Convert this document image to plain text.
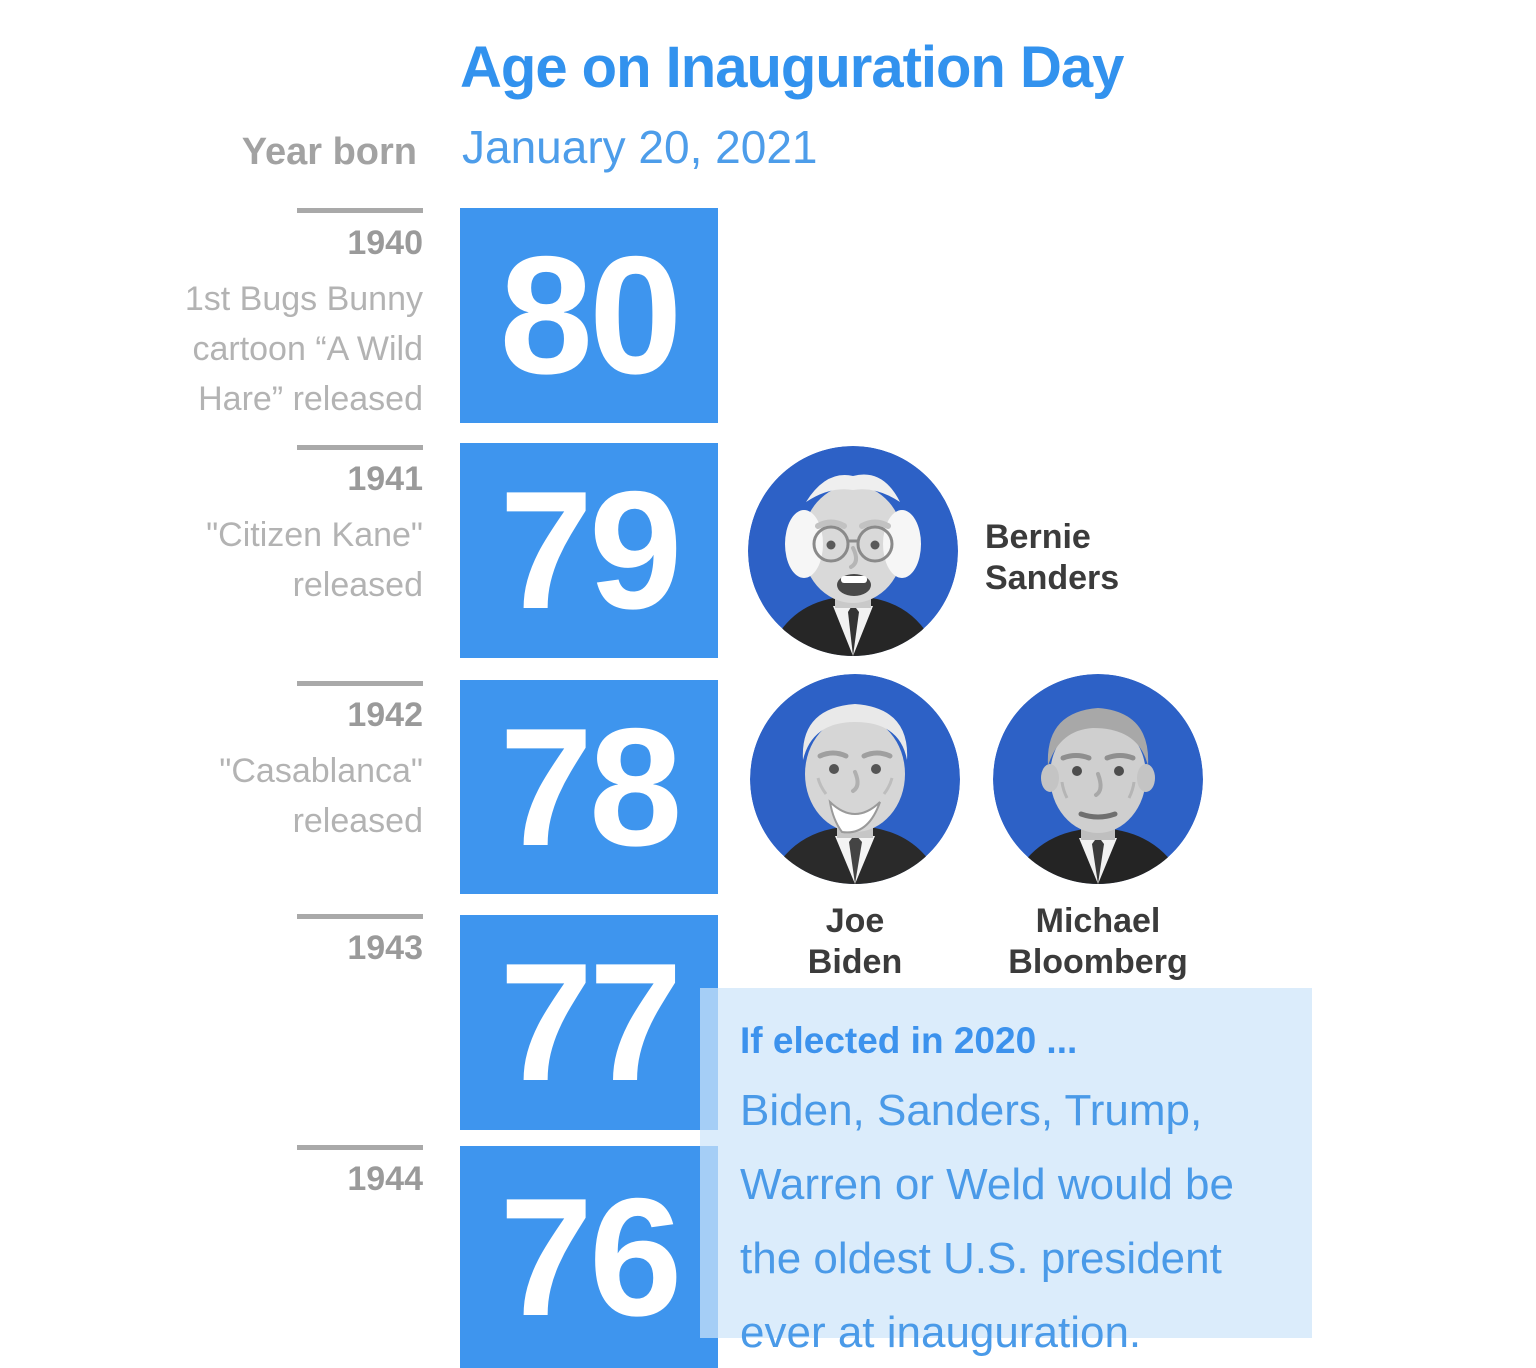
Age on Inauguration Day
January 20, 2021
Year born
1940
1941
1942
1943
1944
1st Bugs Bunny cartoon “A Wild Hare” released
"Citizen Kane" released
"Casablanca" released
80
79
78
77
76
Bernie
Sanders
Joe
Biden
Michael
Bloomberg
If elected in 2020 ...
Biden, Sanders, Trump, Warren or Weld would be the oldest U.S. president ever at inauguration.
